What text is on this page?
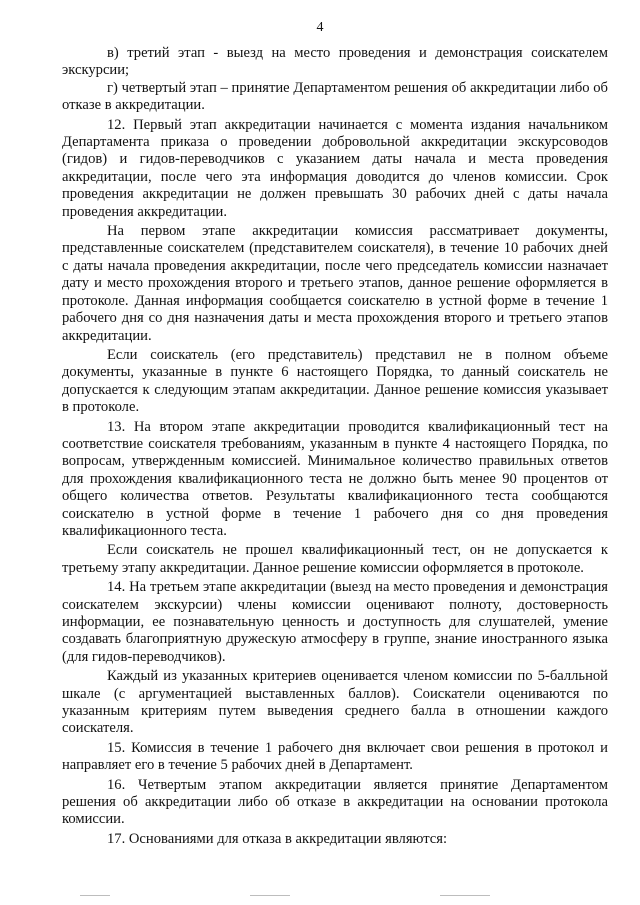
4

в) третий этап - выезд на место проведения и демонстрация соискателем экскурсии;

г) четвертый этап – принятие Департаментом решения об аккредитации либо об отказе в аккредитации.

12. Первый этап аккредитации начинается с момента издания начальником Департамента приказа о проведении добровольной аккредитации экскурсоводов (гидов) и гидов-переводчиков с указанием даты начала и места проведения аккредитации, после чего эта информация доводится до членов комиссии. Срок проведения аккредитации не должен превышать 30 рабочих дней с даты начала проведения аккредитации.

На первом этапе аккредитации комиссия рассматривает документы, представленные соискателем (представителем соискателя), в течение 10 рабочих дней с даты начала проведения аккредитации, после чего председатель комиссии назначает дату и место прохождения второго и третьего этапов, данное решение оформляется в протоколе. Данная информация сообщается соискателю в устной форме в течение 1 рабочего дня со дня назначения даты и места прохождения второго и третьего этапов аккредитации.

Если соискатель (его представитель) представил не в полном объеме документы, указанные в пункте 6 настоящего Порядка, то данный соискатель не допускается к следующим этапам аккредитации. Данное решение комиссия указывает в протоколе.

13. На втором этапе аккредитации проводится квалификационный тест на соответствие соискателя требованиям, указанным в пункте 4 настоящего Порядка, по вопросам, утвержденным комиссией. Минимальное количество правильных ответов для прохождения квалификационного теста не должно быть менее 90 процентов от общего количества ответов. Результаты квалификационного теста сообщаются соискателю в устной форме в течение 1 рабочего дня со дня проведения квалификационного теста.

Если соискатель не прошел квалификационный тест, он не допускается к третьему этапу аккредитации. Данное решение комиссии оформляется в протоколе.

14. На третьем этапе аккредитации (выезд на место проведения и демонстрация соискателем экскурсии) члены комиссии оценивают полноту, достоверность информации, ее познавательную ценность и доступность для слушателей, умение создавать благоприятную дружескую атмосферу в группе, знание иностранного языка (для гидов-переводчиков).

Каждый из указанных критериев оценивается членом комиссии по 5-балльной шкале (с аргументацией выставленных баллов). Соискатели оцениваются по указанным критериям путем выведения среднего балла в отношении каждого соискателя.

15. Комиссия в течение 1 рабочего дня включает свои решения в протокол и направляет его в течение 5 рабочих дней в Департамент.

16. Четвертым этапом аккредитации является принятие Департаментом решения об аккредитации либо об отказе в аккредитации на основании протокола комиссии.

17. Основаниями для отказа в аккредитации являются:
